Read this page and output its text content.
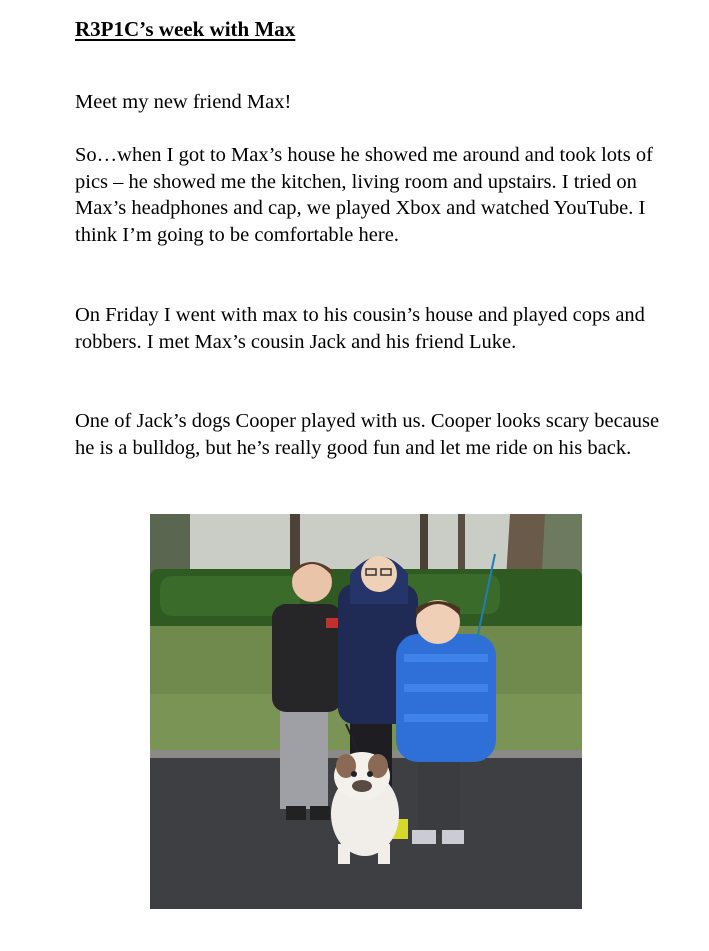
R3P1C’s week with Max

Meet my new friend Max!

So…when I got to Max’s house he showed me around and took lots of pics – he showed me the kitchen, living room and upstairs. I tried on Max’s headphones and cap, we played Xbox and watched YouTube. I think I’m going to be comfortable here.

On Friday I went with max to his cousin’s house and played cops and robbers. I met Max’s cousin Jack and his friend Luke.

One of Jack’s dogs Cooper played with us. Cooper looks scary because he is a bulldog, but he’s really good fun and let me ride on his back.
